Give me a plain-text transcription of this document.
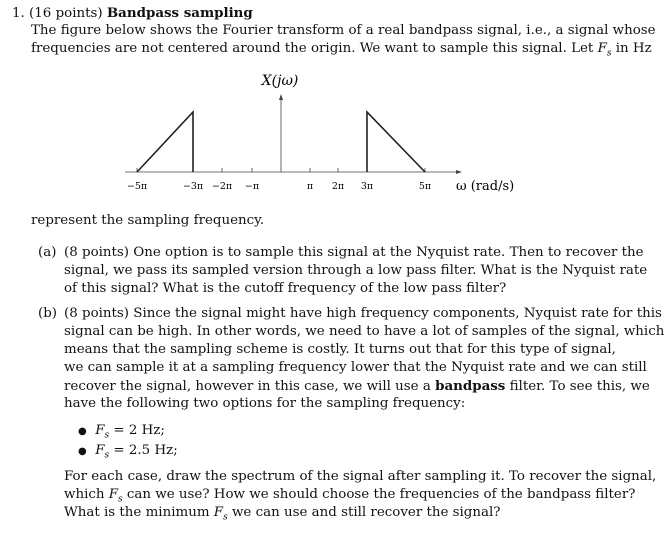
1. (16 points) Bandpass sampling
The figure below shows the Fourier transform of a real bandpass signal, i.e., a signal whose
frequencies are not centered around the origin. We want to sample this signal. Let $F_s$ in Hz
X(jω)
−5π	−3π −2π −π	π 2π 3π	5π ω (rad/s)
represent the sampling frequency.
(a) (8 points) One option is to sample this signal at the Nyquist rate. Then to recover the
signal, we pass its sampled version through a low pass filter. What is the Nyquist rate
of this signal? What is the cutoff frequency of the low pass filter?
(b) (8 points) Since the signal might have high frequency components, Nyquist rate for this
signal can be high. In other words, we need to have a lot of samples of the signal, which
means that the sampling scheme is costly. It turns out that for this type of signal,
we can sample it at a sampling frequency lower that the Nyquist rate and we can still
recover the signal, however in this case, we will use a bandpass filter. To see this, we
have the following two options for the sampling frequency:
● $F_s = 2$ Hz;
● $F_s = 2.5$ Hz;
For each case, draw the spectrum of the signal after sampling it. To recover the signal,
which $F_s$ can we use? How we should choose the frequencies of the bandpass filter?
What is the minimum $F_s$ we can use and still recover the signal?
